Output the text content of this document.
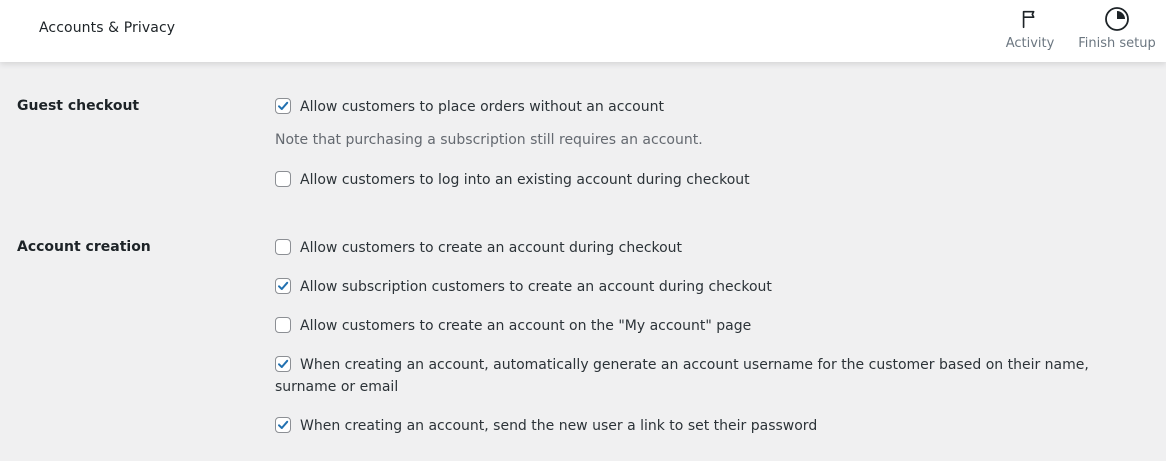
Accounts & Privacy
Activity Finish setup
Guest checkout	Allow customers to place orders without an account
Note that purchasing a subscription still requires an account.
Allow customers to log into an existing account during checkout
Account creation	Allow customers to create an account during checkout
Allow subscription customers to create an account during checkout
Allow customers to create an account on the "My account" page
When creating an account, automatically generate an account username for the customer based on their name, surname or email
When creating an account, send the new user a link to set their password
